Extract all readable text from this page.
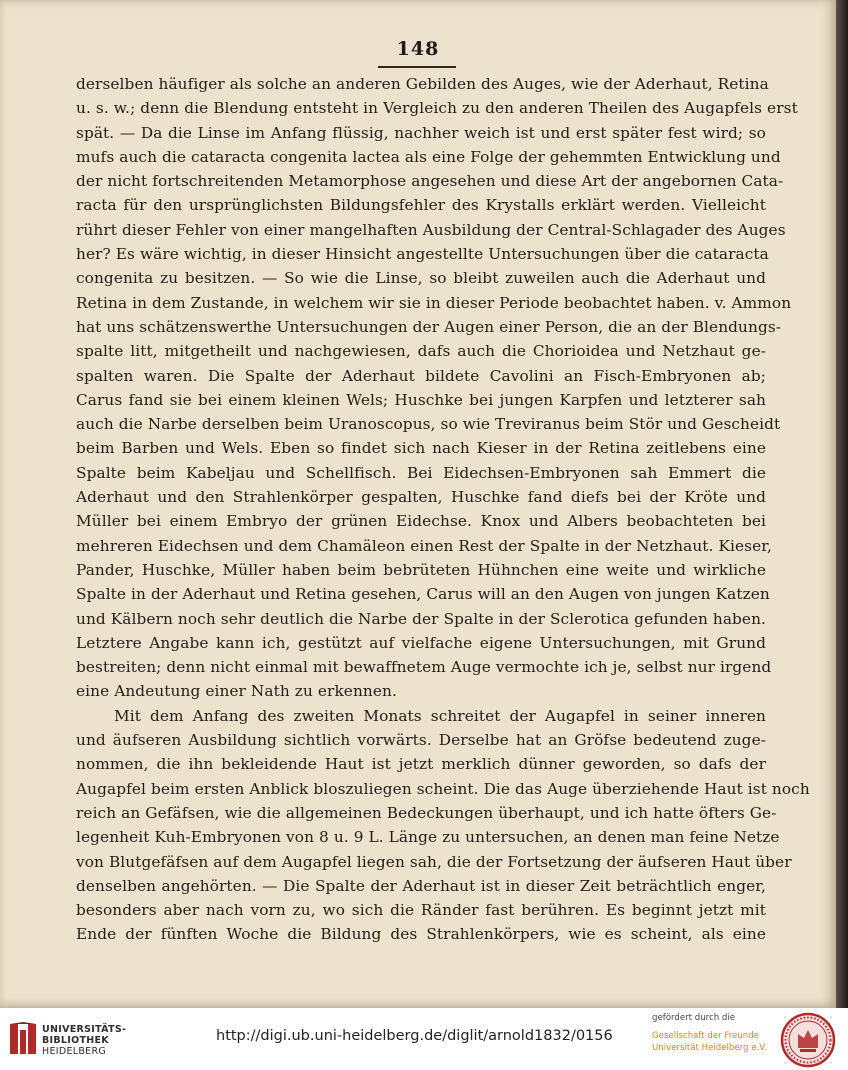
148
derselben häufiger als solche an anderen Gebilden des Auges, wie der Aderhaut, Retina
u. s. w.; denn die Blendung entsteht in Vergleich zu den anderen Theilen des Augapfels erst
spät. — Da die Linse im Anfang flüssig, nachher weich ist und erst später fest wird; so
mufs auch die cataracta congenita lactea als eine Folge der gehemmten Entwicklung und
der nicht fortschreitenden Metamorphose angesehen und diese Art der angebornen Cata-
racta für den ursprünglichsten Bildungsfehler des Krystalls erklärt werden. Vielleicht
rührt dieser Fehler von einer mangelhaften Ausbildung der Central-Schlagader des Auges
her? Es wäre wichtig, in dieser Hinsicht angestellte Untersuchungen über die cataracta
congenita zu besitzen. — So wie die Linse, so bleibt zuweilen auch die Aderhaut und
Retina in dem Zustande, in welchem wir sie in dieser Periode beobachtet haben. v. Ammon
hat uns schätzenswerthe Untersuchungen der Augen einer Person, die an der Blendungs-
spalte litt, mitgetheilt und nachgewiesen, dafs auch die Chorioidea und Netzhaut ge-
spalten waren. Die Spalte der Aderhaut bildete Cavolini an Fisch-Embryonen ab;
Carus fand sie bei einem kleinen Wels; Huschke bei jungen Karpfen und letzterer sah
auch die Narbe derselben beim Uranoscopus, so wie Treviranus beim Stör und Gescheidt
beim Barben und Wels. Eben so findet sich nach Kieser in der Retina zeitlebens eine
Spalte beim Kabeljau und Schellfisch. Bei Eidechsen-Embryonen sah Emmert die
Aderhaut und den Strahlenkörper gespalten, Huschke fand diefs bei der Kröte und
Müller bei einem Embryo der grünen Eidechse. Knox und Albers beobachteten bei
mehreren Eidechsen und dem Chamäleon einen Rest der Spalte in der Netzhaut. Kieser,
Pander, Huschke, Müller haben beim bebrüteten Hühnchen eine weite und wirkliche
Spalte in der Aderhaut und Retina gesehen, Carus will an den Augen von jungen Katzen
und Kälbern noch sehr deutlich die Narbe der Spalte in der Sclerotica gefunden haben.
Letztere Angabe kann ich, gestützt auf vielfache eigene Untersuchungen, mit Grund
bestreiten; denn nicht einmal mit bewaffnetem Auge vermochte ich je, selbst nur irgend
eine Andeutung einer Nath zu erkennen.
Mit dem Anfang des zweiten Monats schreitet der Augapfel in seiner inneren
und äufseren Ausbildung sichtlich vorwärts. Derselbe hat an Gröfse bedeutend zuge-
nommen, die ihn bekleidende Haut ist jetzt merklich dünner geworden, so dafs der
Augapfel beim ersten Anblick bloszuliegen scheint. Die das Auge überziehende Haut ist noch
reich an Gefäfsen, wie die allgemeinen Bedeckungen überhaupt, und ich hatte öfters Ge-
legenheit Kuh-Embryonen von 8 u. 9 L. Länge zu untersuchen, an denen man feine Netze
von Blutgefäfsen auf dem Augapfel liegen sah, die der Fortsetzung der äufseren Haut über
denselben angehörten. — Die Spalte der Aderhaut ist in dieser Zeit beträchtlich enger,
besonders aber nach vorn zu, wo sich die Ränder fast berühren. Es beginnt jetzt mit
Ende der fünften Woche die Bildung des Strahlenkörpers, wie es scheint, als eine
UNIVERSITÄTS-
BIBLIOTHEK
HEIDELBERG
http://digi.ub.uni-heidelberg.de/diglit/arnold1832/0156
gefördert durch die
Gesellschaft der Freunde
Universität Heidelberg e.V.
